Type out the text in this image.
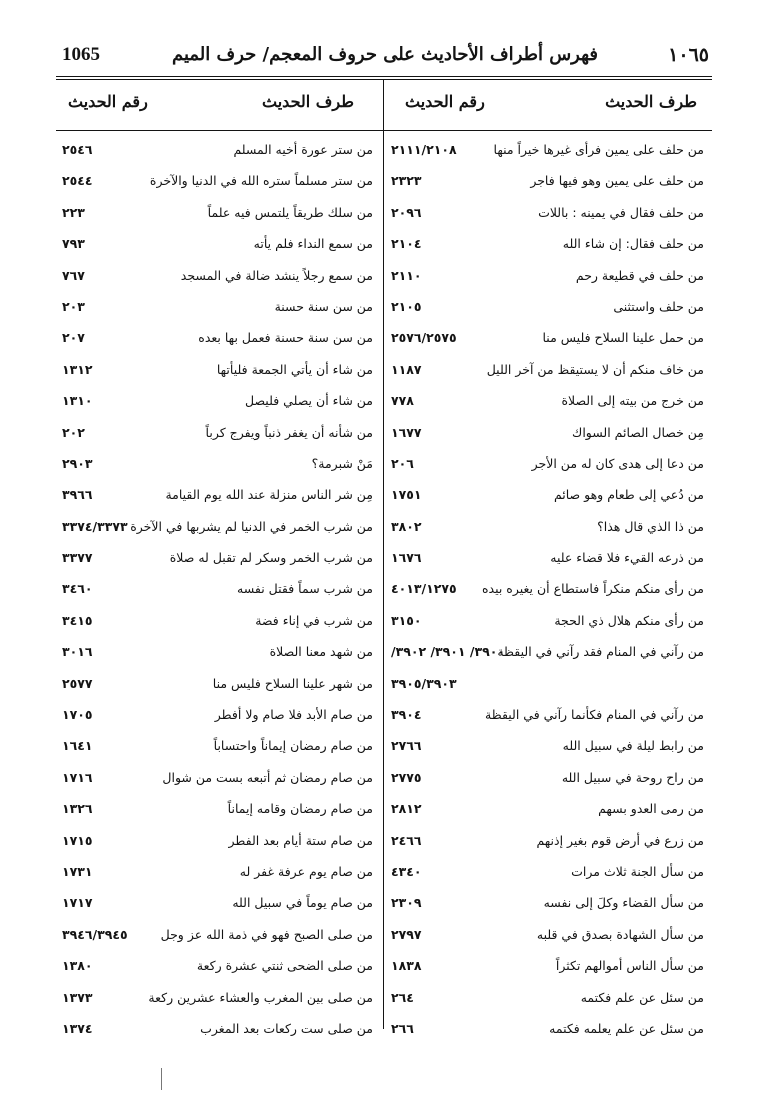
١٠٦٥
فهرس أطراف الأحاديث على حروف المعجم/ حرف الميم
1065
طرف الحديث
رقم الحديث
طرف الحديث
رقم الحديث
من حلف على يمين فرأى غيرها خيراً منها
٢١١١/٢١٠٨
من حلف على يمين وهو فيها فاجر
٢٣٢٣
من حلف فقال في يمينه : باللات
٢٠٩٦
من حلف فقال: إن شاء الله
٢١٠٤
من حلف في قطيعة رحم
٢١١٠
من حلف واستثنى
٢١٠٥
من حمل علينا السلاح فليس منا
٢٥٧٦/٢٥٧٥
من خاف منكم أن لا يستيقظ من آخر الليل
١١٨٧
من خرج من بيته إلى الصلاة
٧٧٨
مِن خصال الصائم السواك
١٦٧٧
من دعا إلى هدى كان له من الأجر
٢٠٦
من دُعي إلى طعام وهو صائم
١٧٥١
من ذا الذي قال هذا؟
٣٨٠٢
من ذرعه القيء فلا قضاء عليه
١٦٧٦
من رأى منكم منكراً فاستطاع أن يغيره بيده
٤٠١٣/١٢٧٥
من رأى منكم هلال ذي الحجة
٣١٥٠
من رآني في المنام فقد رآني في اليقظة
٣٩٠٠/ ٣٩٠١/ ٣٩٠٢/
٣٩٠٥/٣٩٠٣
من رآني في المنام فكأنما رآني في اليقظة
٣٩٠٤
من رابط ليلة في سبيل الله
٢٧٦٦
من راح روحة في سبيل الله
٢٧٧٥
من رمى العدو بسهم
٢٨١٢
من زرع في أرض قوم بغير إذنهم
٢٤٦٦
من سأل الجنة ثلاث مرات
٤٣٤٠
من سأل القضاء وكلَ إلى نفسه
٢٣٠٩
من سأل الشهادة بصدق في قلبه
٢٧٩٧
من سأل الناس أموالهم تكثراً
١٨٣٨
من سئل عن علم فكتمه
٢٦٤
من سئل عن علم يعلمه فكتمه
٢٦٦
من ستر عورة أخيه المسلم
٢٥٤٦
من ستر مسلماً ستره الله في الدنيا والآخرة
٢٥٤٤
من سلك طريقاً يلتمس فيه علماً
٢٢٣
من سمع النداء فلم يأته
٧٩٣
من سمع رجلاً ينشد ضالة في المسجد
٧٦٧
من سن سنة حسنة
٢٠٣
من سن سنة حسنة فعمل بها بعده
٢٠٧
من شاء أن يأتي الجمعة فليأتها
١٣١٢
من شاء أن يصلي فليصل
١٣١٠
من شأنه أن يغفر ذنباً ويفرج كرباً
٢٠٢
مَنْ شبرمة؟
٢٩٠٣
مِن شر الناس منزلة عند الله يوم القيامة
٣٩٦٦
من شرب الخمر في الدنيا لم يشربها في الآخرة
٣٣٧٤/٣٣٧٣
من شرب الخمر وسكر لم تقبل له صلاة
٣٣٧٧
من شرب سماً فقتل نفسه
٣٤٦٠
من شرب في إناء فضة
٣٤١٥
من شهد معنا الصلاة
٣٠١٦
من شهر علينا السلاح فليس منا
٢٥٧٧
من صام الأبد فلا صام ولا أفطر
١٧٠٥
من صام رمضان إيماناً واحتساباً
١٦٤١
من صام رمضان ثم أتبعه بست من شوال
١٧١٦
من صام رمضان وقامه إيماناً
١٣٢٦
من صام ستة أيام بعد الفطر
١٧١٥
من صام يوم عرفة غفر له
١٧٣١
من صام يوماً في سبيل الله
١٧١٧
من صلى الصبح فهو في ذمة الله عز وجل
٣٩٤٦/٣٩٤٥
من صلى الضحى ثنتي عشرة ركعة
١٣٨٠
من صلى بين المغرب والعشاء عشرين ركعة
١٣٧٣
من صلى ست ركعات بعد المغرب
١٣٧٤
